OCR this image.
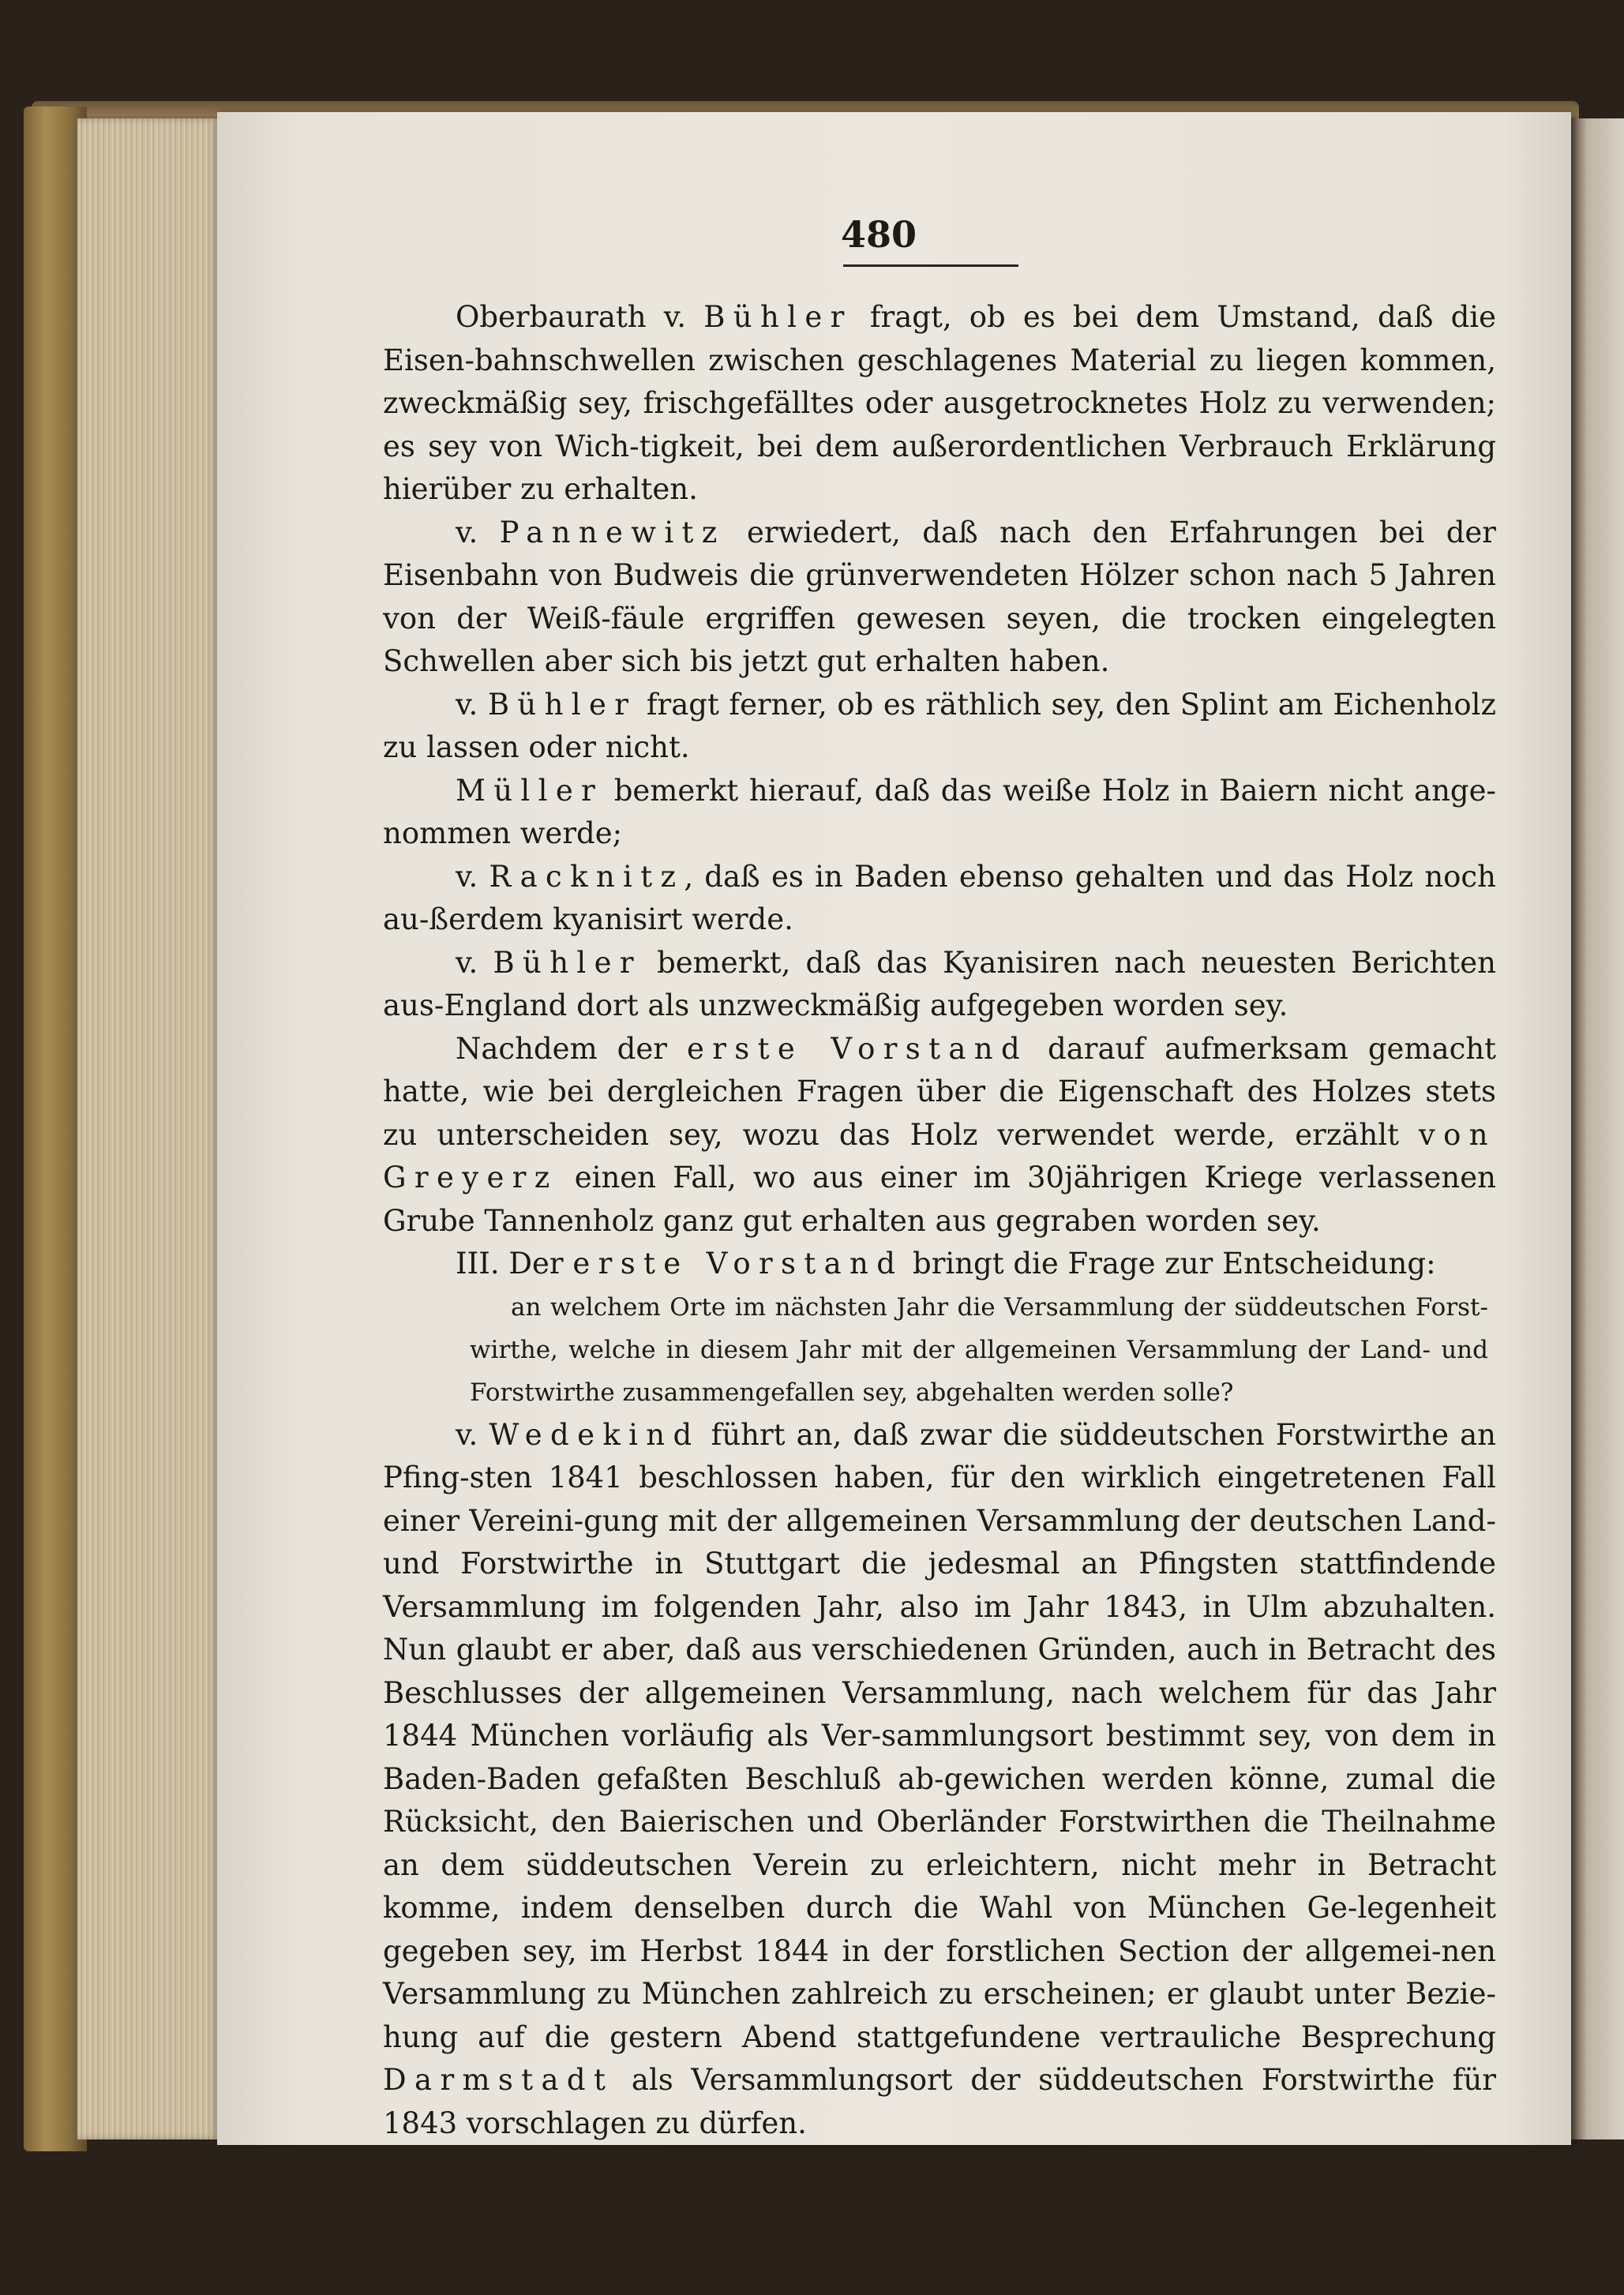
480

Oberbaurath v. Bühler fragt, ob es bei dem Umstand, daß die Eisen-bahnschwellen zwischen geschlagenes Material zu liegen kommen, zweckmäßig sey, frischgefälltes oder ausgetrocknetes Holz zu verwenden; es sey von Wich-tigkeit, bei dem außerordentlichen Verbrauch Erklärung hierüber zu erhalten.

v. Pannewitz erwiedert, daß nach den Erfahrungen bei der Eisenbahn von Budweis die grünverwendeten Hölzer schon nach 5 Jahren von der Weiß-fäule ergriffen gewesen seyen, die trocken eingelegten Schwellen aber sich bis jetzt gut erhalten haben.

v. Bühler fragt ferner, ob es räthlich sey, den Splint am Eichenholz zu lassen oder nicht.

Müller bemerkt hierauf, daß das weiße Holz in Baiern nicht ange-nommen werde;

v. Racknitz, daß es in Baden ebenso gehalten und das Holz noch au-ßerdem kyanisirt werde.

v. Bühler bemerkt, daß das Kyanisiren nach neuesten Berichten aus-England dort als unzweckmäßig aufgegeben worden sey.

Nachdem der erste Vorstand darauf aufmerksam gemacht hatte, wie bei dergleichen Fragen über die Eigenschaft des Holzes stets zu unterscheiden sey, wozu das Holz verwendet werde, erzählt von Greyerz einen Fall, wo aus einer im 30jährigen Kriege verlassenen Grube Tannenholz ganz gut erhalten aus gegraben worden sey.

III. Der erste Vorstand bringt die Frage zur Entscheidung:

an welchem Orte im nächsten Jahr die Versammlung der süddeutschen Forst-wirthe, welche in diesem Jahr mit der allgemeinen Versammlung der Land- und Forstwirthe zusammengefallen sey, abgehalten werden solle?

v. Wedekind führt an, daß zwar die süddeutschen Forstwirthe an Pfing-sten 1841 beschlossen haben, für den wirklich eingetretenen Fall einer Vereini-gung mit der allgemeinen Versammlung der deutschen Land- und Forstwirthe in Stuttgart die jedesmal an Pfingsten stattfindende Versammlung im folgenden Jahr, also im Jahr 1843, in Ulm abzuhalten. Nun glaubt er aber, daß aus verschiedenen Gründen, auch in Betracht des Beschlusses der allgemeinen Versammlung, nach welchem für das Jahr 1844 München vorläufig als Ver-sammlungsort bestimmt sey, von dem in Baden-Baden gefaßten Beschluß ab-gewichen werden könne, zumal die Rücksicht, den Baierischen und Oberländer Forstwirthen die Theilnahme an dem süddeutschen Verein zu erleichtern, nicht mehr in Betracht komme, indem denselben durch die Wahl von München Ge-legenheit gegeben sey, im Herbst 1844 in der forstlichen Section der allgemei-nen Versammlung zu München zahlreich zu erscheinen; er glaubt unter Bezie-hung auf die gestern Abend stattgefundene vertrauliche Besprechung Darmstadt als Versammlungsort der süddeutschen Forstwirthe für 1843 vorschlagen zu dürfen.
